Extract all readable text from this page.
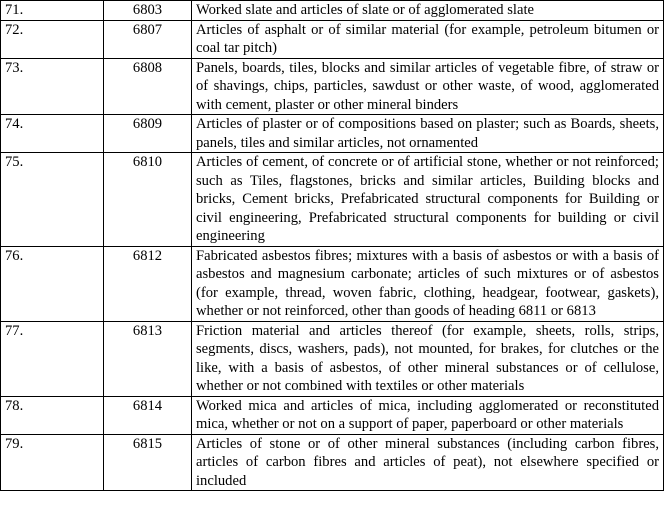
71.	6803	Worked slate and articles of slate or of agglomerated slate
72.	6807	Articles of asphalt or of similar material (for example, petroleum bitumen or coal tar pitch)
73.	6808	Panels, boards, tiles, blocks and similar articles of vegetable fibre, of straw or of shavings, chips, particles, sawdust or other waste, of wood, agglomerated with cement, plaster or other mineral binders
74.	6809	Articles of plaster or of compositions based on plaster; such as Boards, sheets, panels, tiles and similar articles, not ornamented
75.	6810	Articles of cement, of concrete or of artificial stone, whether or not reinforced; such as Tiles, flagstones, bricks and similar articles, Building blocks and bricks, Cement bricks, Prefabricated structural components for Building or civil engineering, Prefabricated structural components for building or civil engineering
76.	6812	Fabricated asbestos fibres; mixtures with a basis of asbestos or with a basis of asbestos and magnesium carbonate; articles of such mixtures or of asbestos (for example, thread, woven fabric, clothing, headgear, footwear, gaskets), whether or not reinforced, other than goods of heading 6811 or 6813
77.	6813	Friction material and articles thereof (for example, sheets, rolls, strips, segments, discs, washers, pads), not mounted, for brakes, for clutches or the like, with a basis of asbestos, of other mineral substances or of cellulose, whether or not combined with textiles or other materials
78.	6814	Worked mica and articles of mica, including agglomerated or reconstituted mica, whether or not on a support of paper, paperboard or other materials
79.	6815	Articles of stone or of other mineral substances (including carbon fibres, articles of carbon fibres and articles of peat), not elsewhere specified or included
